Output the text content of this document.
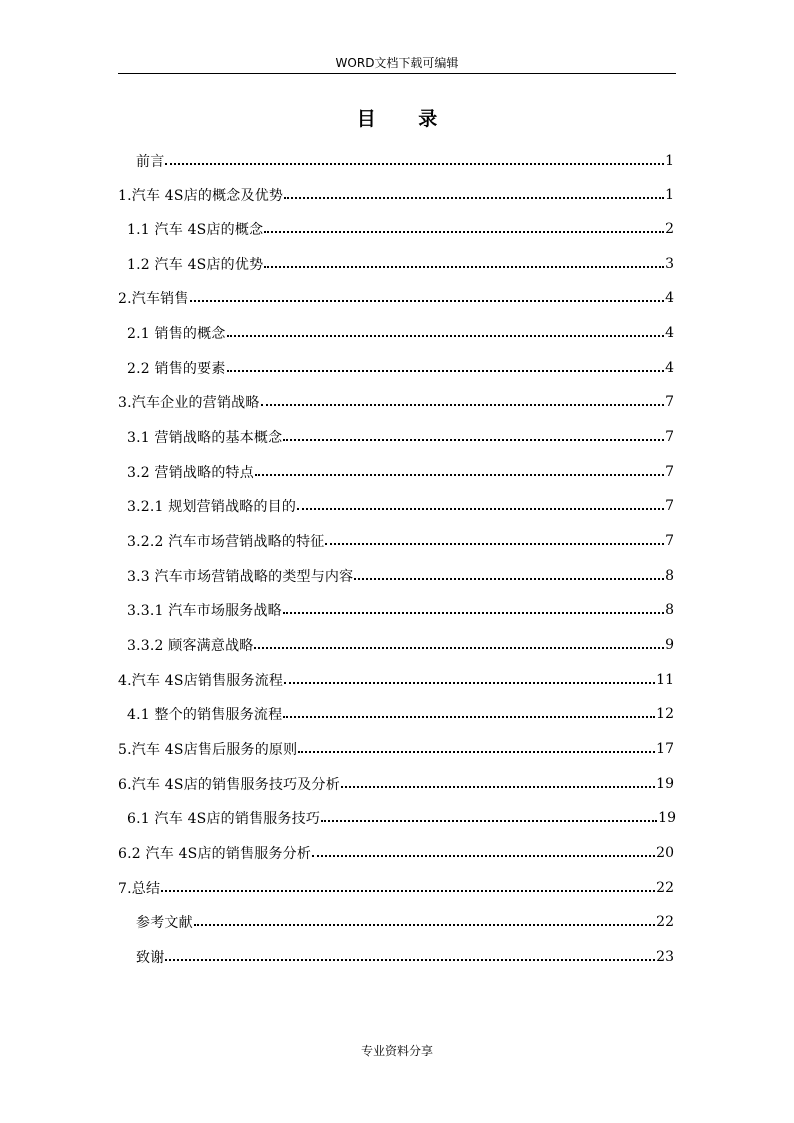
WORD文档下载可编辑
目 录
前言	1
1.汽车 4S店的概念及优势	1
1.1 汽车 4S店的概念	2
1.2 汽车 4S店的优势	3
2.汽车销售	4
2.1 销售的概念	4
2.2 销售的要素	4
3.汽车企业的营销战略	7
3.1 营销战略的基本概念	7
3.2 营销战略的特点	7
3.2.1 规划营销战略的目的	7
3.2.2 汽车市场营销战略的特征	7
3.3 汽车市场营销战略的类型与内容	8
3.3.1 汽车市场服务战略	8
3.3.2 顾客满意战略	9
4.汽车 4S店销售服务流程	11
4.1 整个的销售服务流程	12
5.汽车 4S店售后服务的原则	17
6.汽车 4S店的销售服务技巧及分析	19
6.1 汽车 4S店的销售服务技巧	19
6.2 汽车 4S店的销售服务分析	20
7.总结	22
参考文献	22
致谢	23
专业资料分享
